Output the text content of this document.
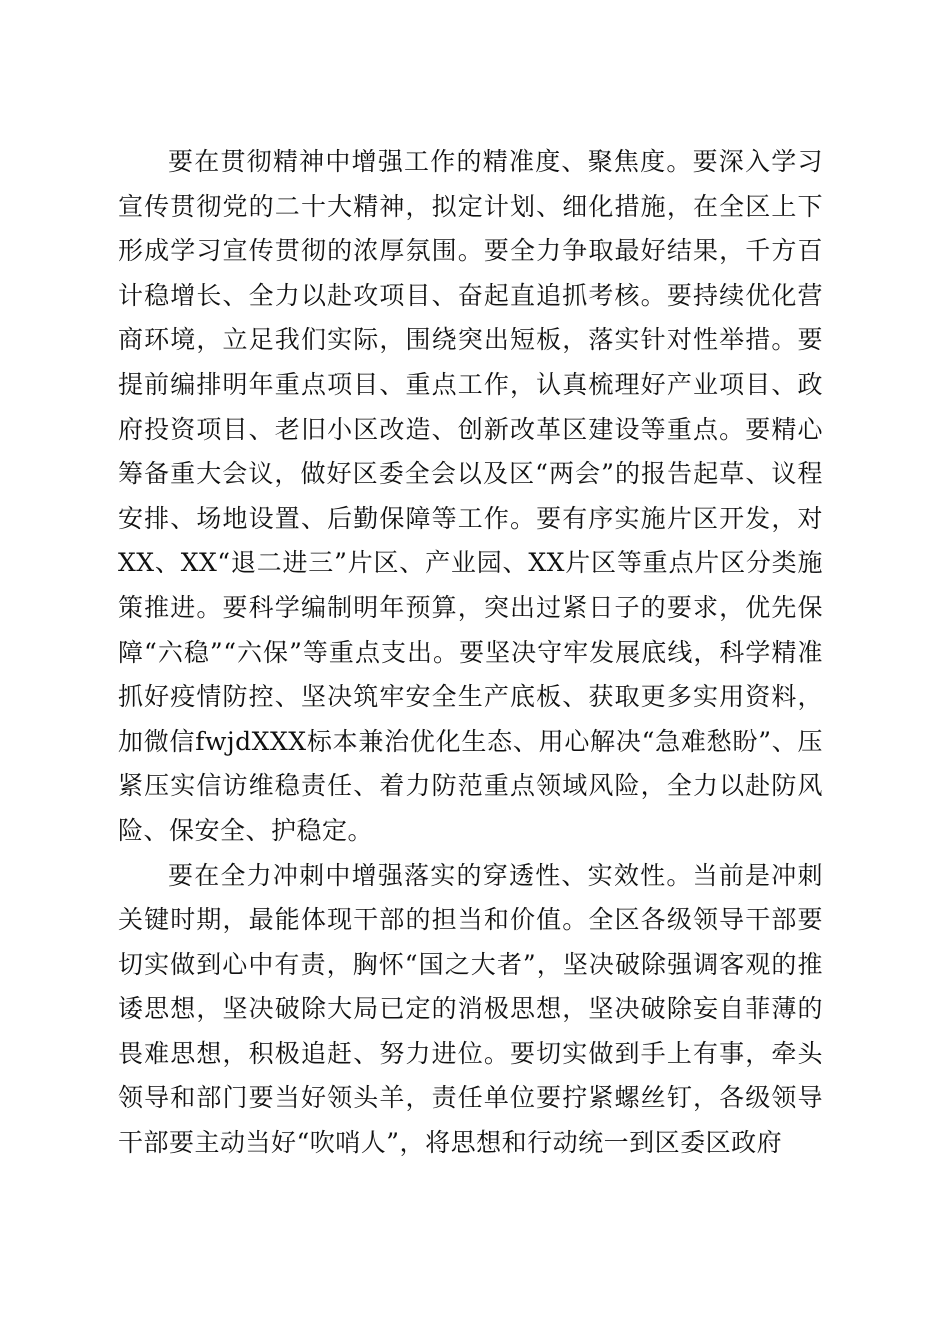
要在贯彻精神中增强工作的精准度、聚焦度。要深入学习宣传贯彻党的二十大精神，拟定计划、细化措施，在全区上下形成学习宣传贯彻的浓厚氛围。要全力争取最好结果，千方百计稳增长、全力以赴攻项目、奋起直追抓考核。要持续优化营商环境，立足我们实际，围绕突出短板，落实针对性举措。要提前编排明年重点项目、重点工作，认真梳理好产业项目、政府投资项目、老旧小区改造、创新改革区建设等重点。要精心筹备重大会议，做好区委全会以及区“两会”的报告起草、议程安排、场地设置、后勤保障等工作。要有序实施片区开发，对XX、XX“退二进三”片区、产业园、XX片区等重点片区分类施策推进。要科学编制明年预算，突出过紧日子的要求，优先保障“六稳”“六保”等重点支出。要坚决守牢发展底线，科学精准抓好疫情防控、坚决筑牢安全生产底板、获取更多实用资料，加微信fwjdXXX标本兼治优化生态、用心解决“急难愁盼”、压紧压实信访维稳责任、着力防范重点领域风险，全力以赴防风险、保安全、护稳定。

要在全力冲刺中增强落实的穿透性、实效性。当前是冲刺关键时期，最能体现干部的担当和价值。全区各级领导干部要切实做到心中有责，胸怀“国之大者”，坚决破除强调客观的推诿思想，坚决破除大局已定的消极思想，坚决破除妄自菲薄的畏难思想，积极追赶、努力进位。要切实做到手上有事，牵头领导和部门要当好领头羊，责任单位要拧紧螺丝钉，各级领导干部要主动当好“吹哨人”，将思想和行动统一到区委区政府
